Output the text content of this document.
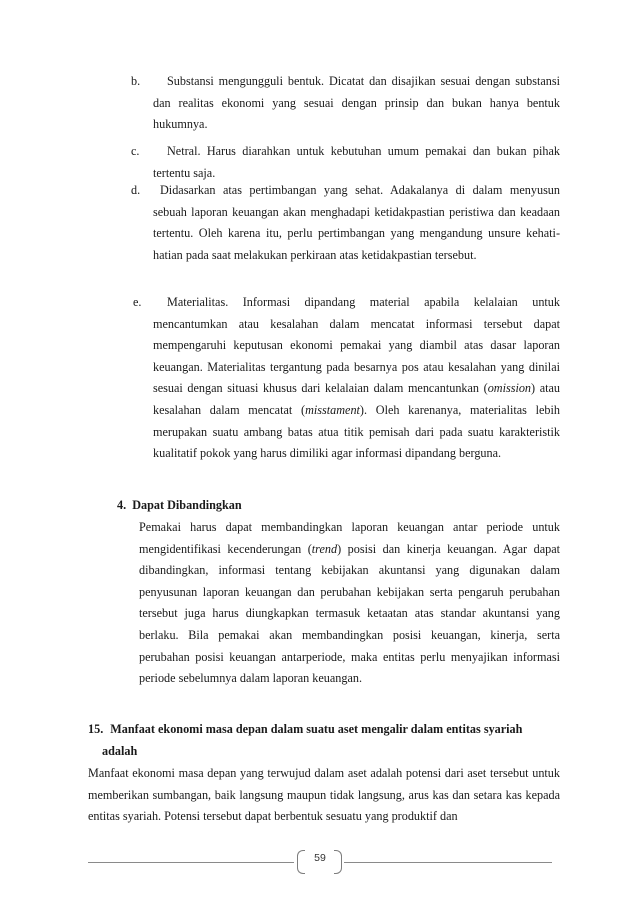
b.	Substansi mengungguli bentuk. Dicatat dan disajikan sesuai dengan substansi dan realitas ekonomi yang sesuai dengan prinsip dan bukan hanya bentuk hukumnya.

c.	Netral. Harus diarahkan untuk kebutuhan umum pemakai dan bukan pihak tertentu saja.

d.	Didasarkan atas pertimbangan yang sehat. Adakalanya di dalam menyusun sebuah laporan keuangan akan menghadapi ketidakpastian peristiwa dan keadaan tertentu. Oleh karena itu, perlu pertimbangan yang mengandung unsure kehati-hatian pada saat melakukan perkiraan atas ketidakpastian tersebut.

e.	Materialitas. Informasi dipandang material apabila kelalaian untuk mencantumkan atau kesalahan dalam mencatat informasi tersebut dapat mempengaruhi keputusan ekonomi pemakai yang diambil atas dasar laporan keuangan. Materialitas tergantung pada besarnya pos atau kesalahan yang dinilai sesuai dengan situasi khusus dari kelalaian dalam mencantunkan (omission) atau kesalahan dalam mencatat (misstament). Oleh karenanya, materialitas lebih merupakan suatu ambang batas atua titik pemisah dari pada suatu karakteristik kualitatif pokok yang harus dimiliki agar informasi dipandang berguna.

4.  Dapat Dibandingkan

Pemakai harus dapat membandingkan laporan keuangan antar periode untuk mengidentifikasi kecenderungan (trend) posisi dan kinerja keuangan. Agar dapat dibandingkan, informasi tentang kebijakan akuntansi yang digunakan dalam penyusunan laporan keuangan dan perubahan kebijakan serta pengaruh perubahan tersebut juga harus diungkapkan termasuk ketaatan atas standar akuntansi yang berlaku. Bila pemakai akan membandingkan posisi keuangan, kinerja, serta perubahan posisi keuangan antarperiode, maka entitas perlu menyajikan informasi periode sebelumnya dalam laporan keuangan.

15. Manfaat ekonomi masa depan dalam suatu aset mengalir dalam entitas syariah
adalah

Manfaat ekonomi masa depan yang terwujud dalam aset adalah potensi dari aset tersebut untuk memberikan sumbangan, baik langsung maupun tidak langsung, arus kas dan setara kas kepada entitas syariah. Potensi tersebut dapat berbentuk sesuatu yang produktif dan

59
